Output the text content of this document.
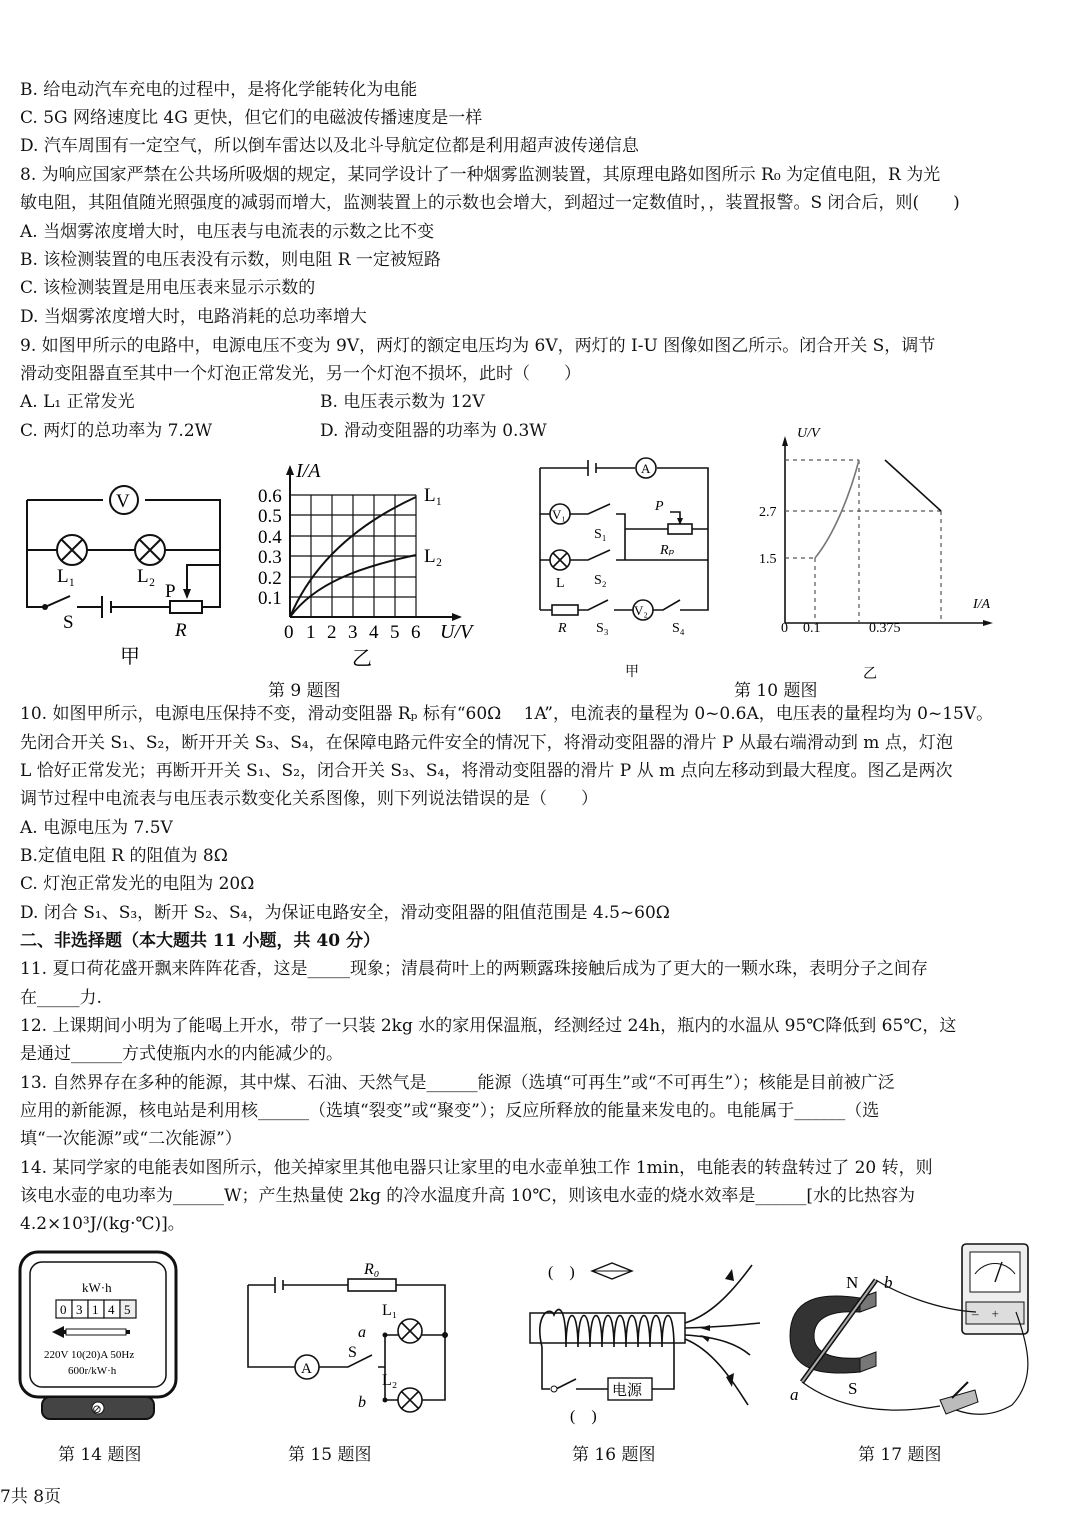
B. 给电动汽车充电的过程中，是将化学能转化为电能
C. 5G 网络速度比 4G 更快，但它们的电磁波传播速度是一样
D. 汽车周围有一定空气，所以倒车雷达以及北斗导航定位都是利用超声波传递信息
8. 为响应国家严禁在公共场所吸烟的规定，某同学设计了一种烟雾监测装置，其原理电路如图所示 R₀ 为定值电阻，R 为光
敏电阻，其阻值随光照强度的减弱而增大，监测装置上的示数也会增大，到超过一定数值时，，装置报警。S 闭合后，则(　　)
A. 当烟雾浓度增大时，电压表与电流表的示数之比不变
B. 该检测装置的电压表没有示数，则电阻 R 一定被短路
C. 该检测装置是用电压表来显示示数的
D. 当烟雾浓度增大时，电路消耗的总功率增大
9. 如图甲所示的电路中，电源电压不变为 9V，两灯的额定电压均为 6V，两灯的 I-U 图像如图乙所示。闭合开关 S，调节
滑动变阻器直至其中一个灯泡正常发光，另一个灯泡不损坏，此时（　　）
A. L₁ 正常发光	B. 电压表示数为 12V
C. 两灯的总功率为 7.2W	D. 滑动变阻器的功率为 0.3W
V
L₁	L₂
P
S	R
甲
I/A
U/V
0.6
0.5
0.4
0.3
0.2
0.1
0 1 2 3 4 5 6
L₁
L₂
乙
第 9 题图
A
V₁
V₂
S₁
S₂
S₃	S₄
L
R
P
Rₚ
甲
U/V
I/A
2.7
1.5
0 0.1	0.375
乙
第 10 题图
10. 如图甲所示，电源电压保持不变，滑动变阻器 Rₚ 标有“60Ω　 1A”，电流表的量程为 0~0.6A，电压表的量程均为 0~15V。
先闭合开关 S₁、S₂，断开开关 S₃、S₄，在保障电路元件安全的情况下，将滑动变阻器的滑片 P 从最右端滑动到 m 点，灯泡
L 恰好正常发光；再断开开关 S₁、S₂，闭合开关 S₃、S₄，将滑动变阻器的滑片 P 从 m 点向左移动到最大程度。图乙是两次
调节过程中电流表与电压表示数变化关系图像，则下列说法错误的是（　　）
A. 电源电压为 7.5V
B.定值电阻 R 的阻值为 8Ω
C. 灯泡正常发光的电阻为 20Ω
D. 闭合 S₁、S₃，断开 S₂、S₄，为保证电路安全，滑动变阻器的阻值范围是 4.5~60Ω
二、非选择题（本大题共 11 小题，共 40 分）
11. 夏口荷花盛开飘来阵阵花香，这是_____现象；清晨荷叶上的两颗露珠接触后成为了更大的一颗水珠，表明分子之间存
在_____力.
12. 上课期间小明为了能喝上开水，带了一只装 2kg 水的家用保温瓶，经测经过 24h，瓶内的水温从 95℃降低到 65℃，这
是通过______方式使瓶内水的内能减少的。
13. 自然界存在多种的能源，其中煤、石油、天然气是______能源（选填“可再生”或“不可再生”）；核能是目前被广泛
应用的新能源，核电站是利用核______（选填“裂变”或“聚变”）；反应所释放的能量来发电的。电能属于______（选
填“一次能源”或“二次能源”）
14. 某同学家的电能表如图所示，他关掉家里其他电器只让家里的电水壶单独工作 1min，电能表的转盘转过了 20 转，则
该电水壶的电功率为______W；产生热量使 2kg 的冷水温度升高 10℃，则该电水壶的烧水效率是______[水的比热容为
4.2×10³J/(kg·℃)]。
⊘
kW·h
0 3 1 4 5
220V 10(20)A 50Hz
600r/kW·h
第 14 题图
R₀
L₁
L₂
a
b
S
A
第 15 题图
(　)
电源
(　)
第 16 题图
–　+
N
S
a
b
第 17 题图
7共 8页
